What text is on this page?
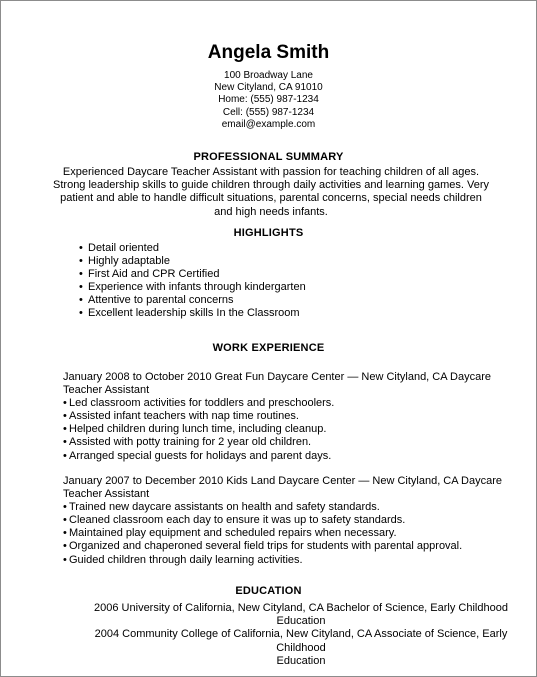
Angela Smith
100 Broadway Lane
New Cityland, CA 91010
Home: (555) 987-1234
Cell: (555) 987-1234
email@example.com
PROFESSIONAL SUMMARY
Experienced Daycare Teacher Assistant with passion for teaching children of all ages. Strong leadership skills to guide children through daily activities and learning games. Very patient and able to handle difficult situations, parental concerns, special needs children and high needs infants.
HIGHLIGHTS
• Detail oriented
• Highly adaptable
• First Aid and CPR Certified
• Experience with infants through kindergarten
• Attentive to parental concerns
• Excellent leadership skills In the Classroom
WORK EXPERIENCE
January 2008 to October 2010 Great Fun Daycare Center — New Cityland, CA Daycare Teacher Assistant
• Led classroom activities for toddlers and preschoolers.
• Assisted infant teachers with nap time routines.
• Helped children during lunch time, including cleanup.
• Assisted with potty training for 2 year old children.
• Arranged special guests for holidays and parent days.
January 2007 to December 2010 Kids Land Daycare Center — New Cityland, CA Daycare Teacher Assistant
• Trained new daycare assistants on health and safety standards.
• Cleaned classroom each day to ensure it was up to safety standards.
• Maintained play equipment and scheduled repairs when necessary.
• Organized and chaperoned several field trips for students with parental approval.
• Guided children through daily learning activities.
EDUCATION
2006 University of California, New Cityland, CA Bachelor of Science, Early Childhood Education
2004 Community College of California, New Cityland, CA Associate of Science, Early Childhood
Education
